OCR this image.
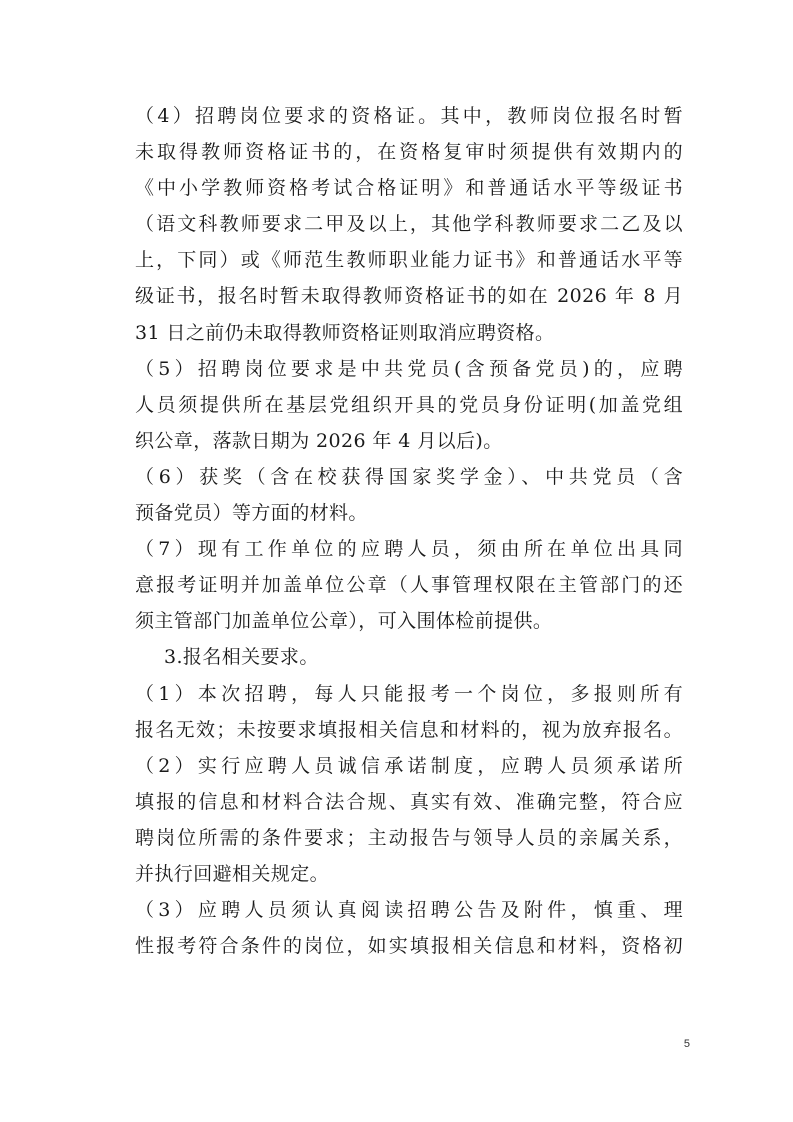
（4）招聘岗位要求的资格证。其中，教师岗位报名时暂
未取得教师资格证书的，在资格复审时须提供有效期内的
《中小学教师资格考试合格证明》和普通话水平等级证书
（语文科教师要求二甲及以上，其他学科教师要求二乙及以
上，下同）或《师范生教师职业能力证书》和普通话水平等
级证书，报名时暂未取得教师资格证书的如在 2026 年 8 月
31 日之前仍未取得教师资格证则取消应聘资格。
（5）招聘岗位要求是中共党员(含预备党员)的，应聘
人员须提供所在基层党组织开具的党员身份证明(加盖党组
织公章，落款日期为 2026 年 4 月以后)。
（6）获奖（含在校获得国家奖学金）、中共党员（含
预备党员）等方面的材料。
（7）现有工作单位的应聘人员，须由所在单位出具同
意报考证明并加盖单位公章（人事管理权限在主管部门的还
须主管部门加盖单位公章），可入围体检前提供。
3.报名相关要求。
（1）本次招聘，每人只能报考一个岗位，多报则所有
报名无效；未按要求填报相关信息和材料的，视为放弃报名。
（2）实行应聘人员诚信承诺制度，应聘人员须承诺所
填报的信息和材料合法合规、真实有效、准确完整，符合应
聘岗位所需的条件要求；主动报告与领导人员的亲属关系，
并执行回避相关规定。
（3）应聘人员须认真阅读招聘公告及附件，慎重、理
性报考符合条件的岗位，如实填报相关信息和材料，资格初
5
